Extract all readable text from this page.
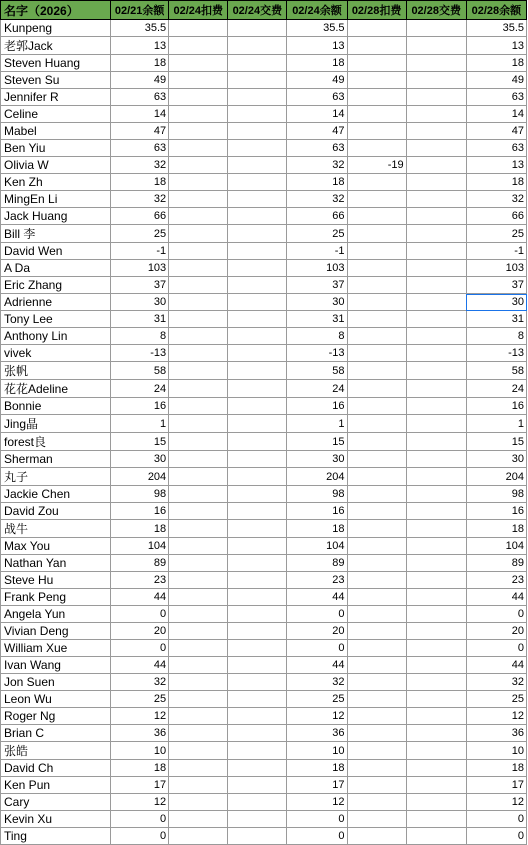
名字（2026）	02/21余额	02/24扣费	02/24交费	02/24余额	02/28扣费	02/28交费	02/28余额
Kunpeng	35.5			35.5			35.5
老郭Jack	13			13			13
Steven Huang	18			18			18
Steven Su	49			49			49
Jennifer R	63			63			63
Celine	14			14			14
Mabel	47			47			47
Ben Yiu	63			63			63
Olivia W	32			32	-19		13
Ken Zh	18			18			18
MingEn Li	32			32			32
Jack Huang	66			66			66
Bill 李	25			25			25
David Wen	-1			-1			-1
A Da	103			103			103
Eric Zhang	37			37			37
Adrienne	30			30			30
Tony Lee	31			31			31
Anthony Lin	8			8			8
vivek	-13			-13			-13
张帆	58			58			58
花花Adeline	24			24			24
Bonnie	16			16			16
Jing晶	1			1			1
forest良	15			15			15
Sherman	30			30			30
丸子	204			204			204
Jackie Chen	98			98			98
David Zou	16			16			16
战牛	18			18			18
Max You	104			104			104
Nathan Yan	89			89			89
Steve Hu	23			23			23
Frank Peng	44			44			44
Angela Yun	0			0			0
Vivian Deng	20			20			20
William Xue	0			0			0
Ivan Wang	44			44			44
Jon Suen	32			32			32
Leon Wu	25			25			25
Roger Ng	12			12			12
Brian C	36			36			36
张皓	10			10			10
David Ch	18			18			18
Ken Pun	17			17			17
Cary	12			12			12
Kevin Xu	0			0			0
Ting	0			0			0
